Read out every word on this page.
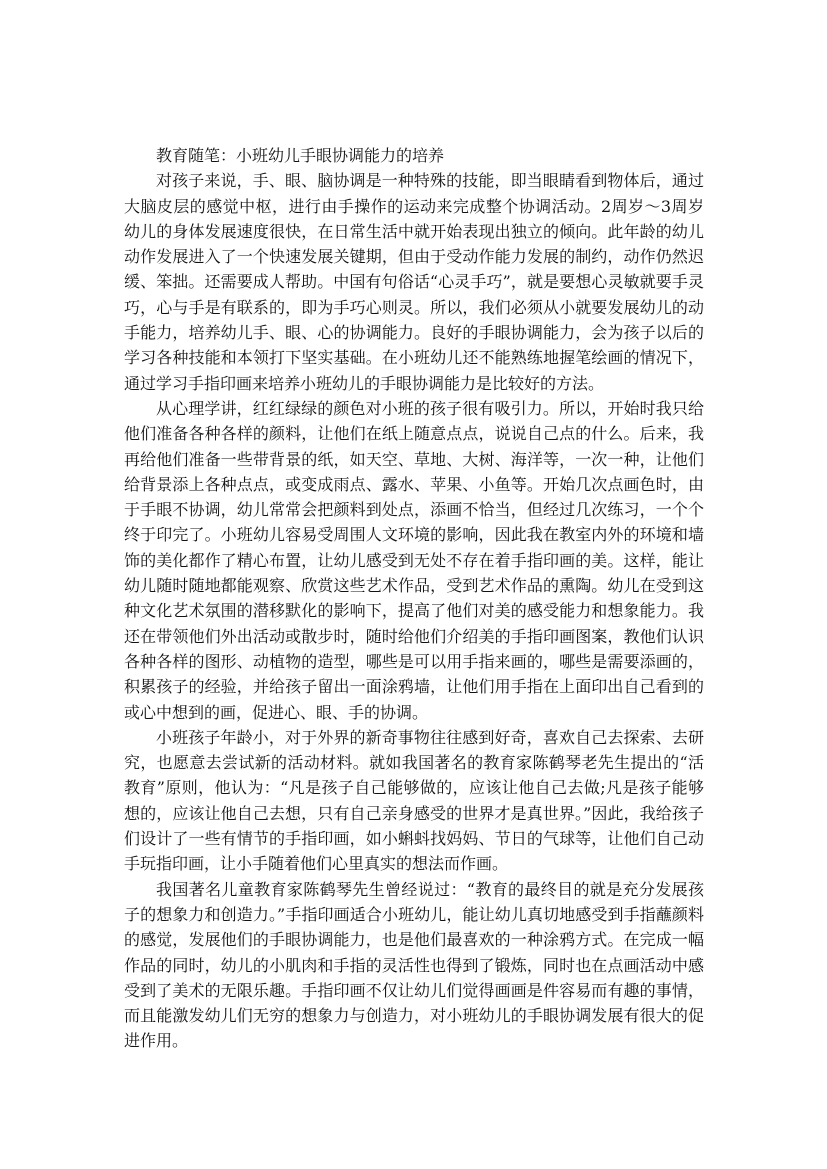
教育随笔：小班幼儿手眼协调能力的培养

对孩子来说，手、眼、脑协调是一种特殊的技能，即当眼睛看到物体后，通过大脑皮层的感觉中枢，进行由手操作的运动来完成整个协调活动。2周岁～3周岁幼儿的身体发展速度很快，在日常生活中就开始表现出独立的倾向。此年龄的幼儿动作发展进入了一个快速发展关键期，但由于受动作能力发展的制约，动作仍然迟缓、笨拙。还需要成人帮助。中国有句俗话“心灵手巧”，就是要想心灵敏就要手灵巧，心与手是有联系的，即为手巧心则灵。所以，我们必须从小就要发展幼儿的动手能力，培养幼儿手、眼、心的协调能力。良好的手眼协调能力，会为孩子以后的学习各种技能和本领打下坚实基础。在小班幼儿还不能熟练地握笔绘画的情况下，通过学习手指印画来培养小班幼儿的手眼协调能力是比较好的方法。

从心理学讲，红红绿绿的颜色对小班的孩子很有吸引力。所以，开始时我只给他们准备各种各样的颜料，让他们在纸上随意点点，说说自己点的什么。后来，我再给他们准备一些带背景的纸，如天空、草地、大树、海洋等，一次一种，让他们给背景添上各种点点，或变成雨点、露水、苹果、小鱼等。开始几次点画色时，由于手眼不协调，幼儿常常会把颜料到处点，添画不恰当，但经过几次练习，一个个终于印完了。小班幼儿容易受周围人文环境的影响，因此我在教室内外的环境和墙饰的美化都作了精心布置，让幼儿感受到无处不存在着手指印画的美。这样，能让幼儿随时随地都能观察、欣赏这些艺术作品，受到艺术作品的熏陶。幼儿在受到这种文化艺术氛围的潜移默化的影响下，提高了他们对美的感受能力和想象能力。我还在带领他们外出活动或散步时，随时给他们介绍美的手指印画图案，教他们认识各种各样的图形、动植物的造型，哪些是可以用手指来画的，哪些是需要添画的，积累孩子的经验，并给孩子留出一面涂鸦墙，让他们用手指在上面印出自己看到的或心中想到的画，促进心、眼、手的协调。

小班孩子年龄小，对于外界的新奇事物往往感到好奇，喜欢自己去探索、去研究，也愿意去尝试新的活动材料。就如我国著名的教育家陈鹤琴老先生提出的“活教育”原则，他认为：“凡是孩子自己能够做的，应该让他自己去做;凡是孩子能够想的，应该让他自己去想，只有自己亲身感受的世界才是真世界。”因此，我给孩子们设计了一些有情节的手指印画，如小蝌蚪找妈妈、节日的气球等，让他们自己动手玩指印画，让小手随着他们心里真实的想法而作画。

我国著名儿童教育家陈鹤琴先生曾经说过：“教育的最终目的就是充分发展孩子的想象力和创造力。”手指印画适合小班幼儿，能让幼儿真切地感受到手指蘸颜料的感觉，发展他们的手眼协调能力，也是他们最喜欢的一种涂鸦方式。在完成一幅作品的同时，幼儿的小肌肉和手指的灵活性也得到了锻炼，同时也在点画活动中感受到了美术的无限乐趣。手指印画不仅让幼儿们觉得画画是件容易而有趣的事情，而且能激发幼儿们无穷的想象力与创造力，对小班幼儿的手眼协调发展有很大的促进作用。
